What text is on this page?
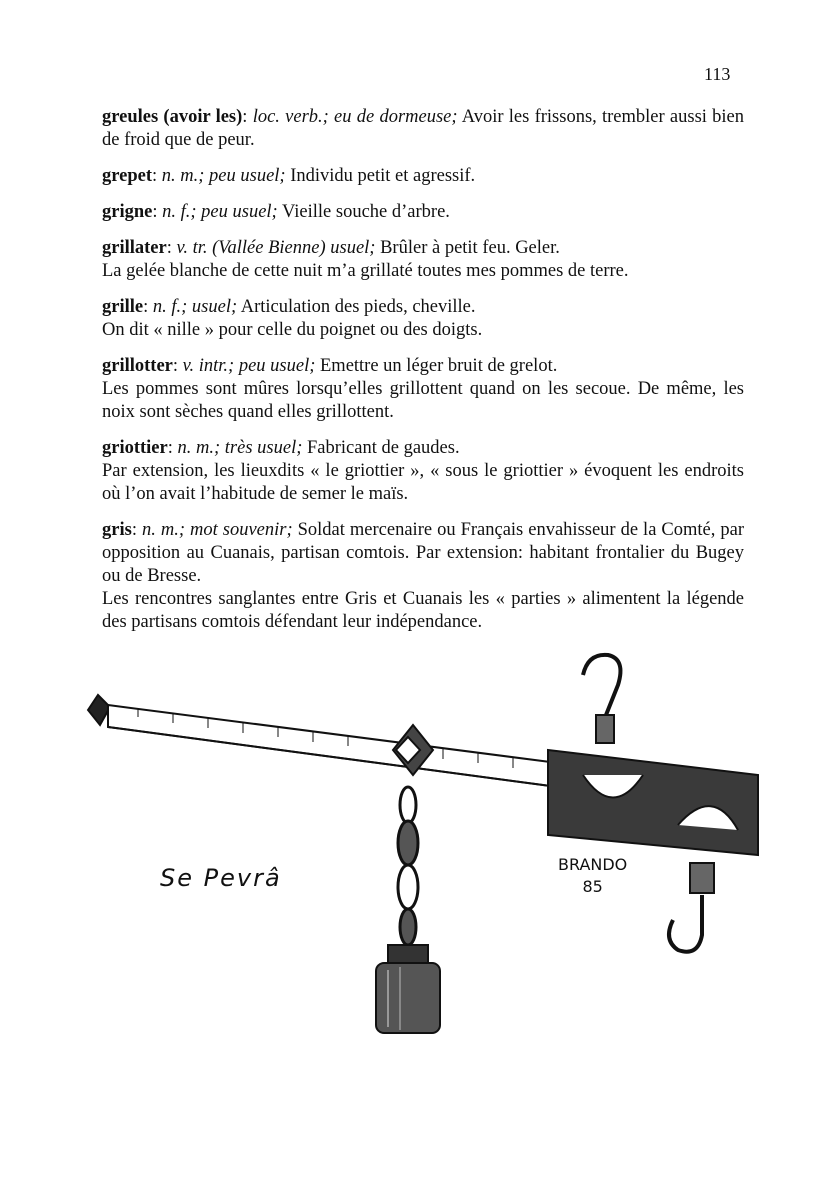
113

greules (avoir les): loc. verb.; eu de dormeuse; Avoir les frissons, trembler aussi bien de froid que de peur.

grepet: n. m.; peu usuel; Individu petit et agressif.

grigne: n. f.; peu usuel; Vieille souche d’arbre.

grillater: v. tr. (Vallée Bienne) usuel; Brûler à petit feu. Geler.

La gelée blanche de cette nuit m’a grillaté toutes mes pommes de terre.

grille: n. f.; usuel; Articulation des pieds, cheville.

On dit « nille » pour celle du poignet ou des doigts.

grillotter: v. intr.; peu usuel; Emettre un léger bruit de grelot.

Les pommes sont mûres lorsqu’elles grillottent quand on les secoue. De même, les noix sont sèches quand elles grillottent.

griottier: n. m.; très usuel; Fabricant de gaudes.

Par extension, les lieuxdits « le griottier », « sous le griottier » évoquent les endroits où l’on avait l’habitude de semer le maïs.

gris: n. m.; mot souvenir; Soldat mercenaire ou Français envahisseur de la Comté, par opposition au Cuanais, partisan comtois. Par extension: habitant frontalier du Bugey ou de Bresse.

Les rencontres sanglantes entre Gris et Cuanais les « parties » alimentent la légende des partisans comtois défendant leur indépendance.

Se Pevrâ	BRANDO
85
